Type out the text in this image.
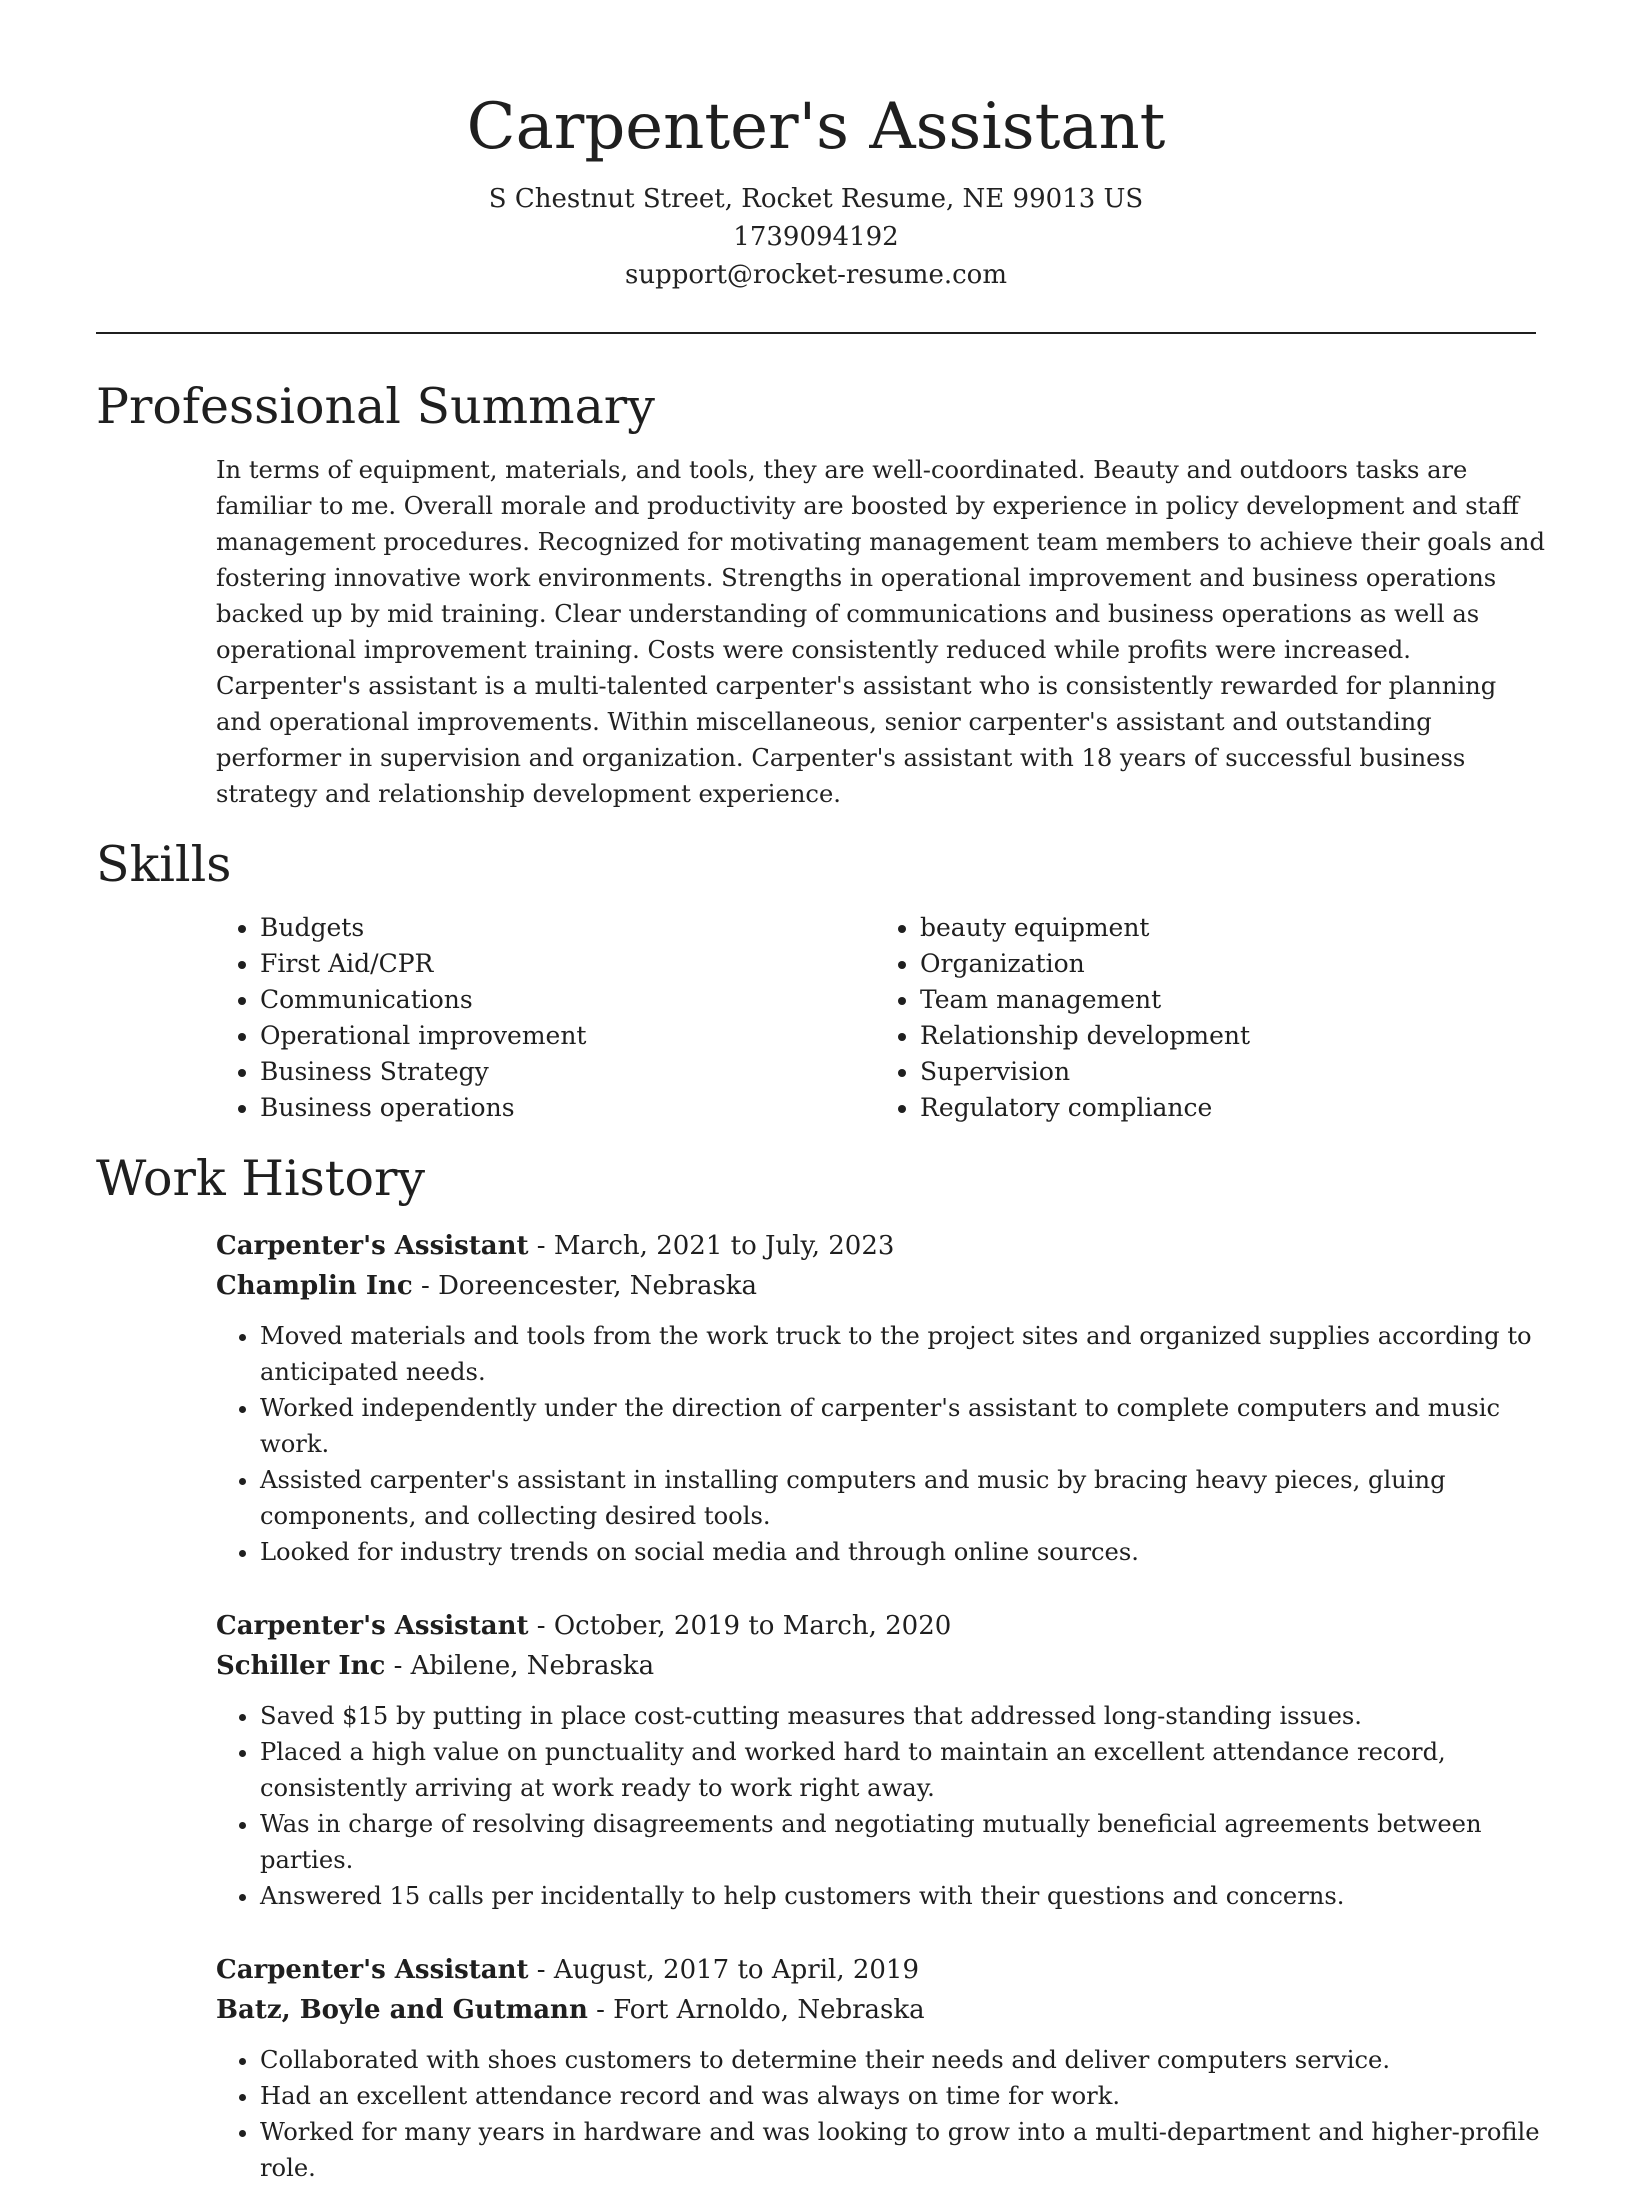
Carpenter's Assistant
S Chestnut Street, Rocket Resume, NE 99013 US
1739094192
support@rocket-resume.com
Professional Summary
In terms of equipment, materials, and tools, they are well-coordinated. Beauty and outdoors tasks are familiar to me. Overall morale and productivity are boosted by experience in policy development and staff management procedures. Recognized for motivating management team members to achieve their goals and fostering innovative work environments. Strengths in operational improvement and business operations backed up by mid training. Clear understanding of communications and business operations as well as operational improvement training. Costs were consistently reduced while profits were increased. Carpenter's assistant is a multi-talented carpenter's assistant who is consistently rewarded for planning and operational improvements. Within miscellaneous, senior carpenter's assistant and outstanding performer in supervision and organization. Carpenter's assistant with 18 years of successful business strategy and relationship development experience.
Skills
• Budgets
• First Aid/CPR
• Communications
• Operational improvement
• Business Strategy
• Business operations
• beauty equipment
• Organization
• Team management
• Relationship development
• Supervision
• Regulatory compliance
Work History
Carpenter's Assistant - March, 2021 to July, 2023
Champlin Inc - Doreencester, Nebraska
• Moved materials and tools from the work truck to the project sites and organized supplies according to anticipated needs.
• Worked independently under the direction of carpenter's assistant to complete computers and music work.
• Assisted carpenter's assistant in installing computers and music by bracing heavy pieces, gluing components, and collecting desired tools.
• Looked for industry trends on social media and through online sources.
Carpenter's Assistant - October, 2019 to March, 2020
Schiller Inc - Abilene, Nebraska
• Saved $15 by putting in place cost-cutting measures that addressed long-standing issues.
• Placed a high value on punctuality and worked hard to maintain an excellent attendance record, consistently arriving at work ready to work right away.
• Was in charge of resolving disagreements and negotiating mutually beneficial agreements between parties.
• Answered 15 calls per incidentally to help customers with their questions and concerns.
Carpenter's Assistant - August, 2017 to April, 2019
Batz, Boyle and Gutmann - Fort Arnoldo, Nebraska
• Collaborated with shoes customers to determine their needs and deliver computers service.
• Had an excellent attendance record and was always on time for work.
• Worked for many years in hardware and was looking to grow into a multi-department and higher-profile role.
